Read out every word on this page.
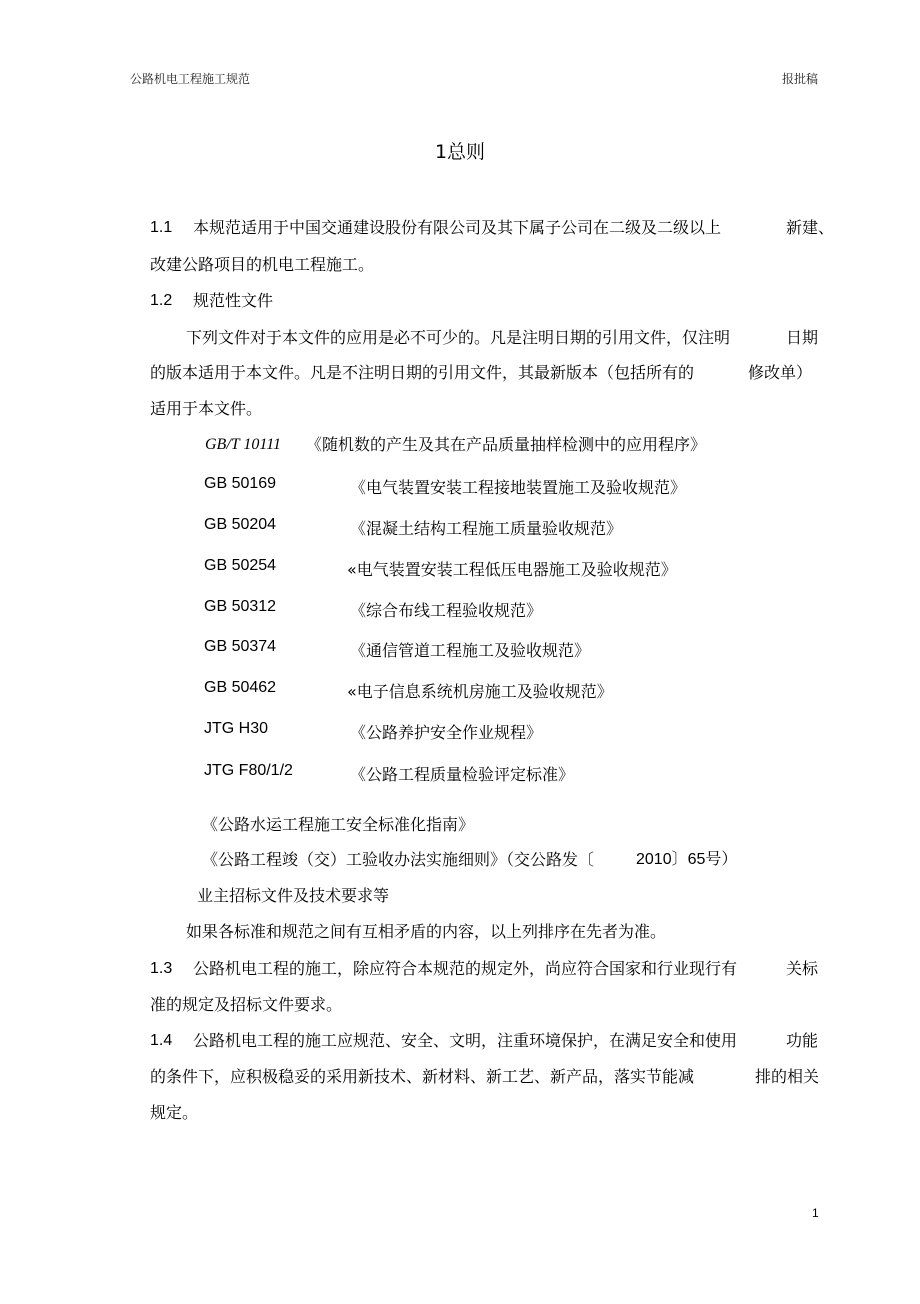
公路机电工程施工规范	报批稿
1总则
1.1 本规范适用于中国交通建设股份有限公司及其下属子公司在二级及二级以上	新建、
改建公路项目的机电工程施工。
1.2 规范性文件
下列文件对于本文件的应用是必不可少的。凡是注明日期的引用文件，仅注明	日期
的版本适用于本文件。凡是不注明日期的引用文件，其最新版本（包括所有的	修改单）
适用于本文件。
GB/T 10111 《随机数的产生及其在产品质量抽样检测中的应用程序》
GB 50169	《电气装置安装工程接地装置施工及验收规范》
GB 50204	《混凝土结构工程施工质量验收规范》
GB 50254	«电气装置安装工程低压电器施工及验收规范》
GB 50312	《综合布线工程验收规范》
GB 50374	《通信管道工程施工及验收规范》
GB 50462	«电子信息系统机房施工及验收规范》
JTG H30	《公路养护安全作业规程》
JTG F80/1/2	《公路工程质量检验评定标准》
《公路水运工程施工安全标准化指南》
《公路工程竣（交）工验收办法实施细则》（交公路发〔	2010〕65号）
业主招标文件及技术要求等
如果各标准和规范之间有互相矛盾的内容，以上列排序在先者为准。
1.3 公路机电工程的施工，除应符合本规范的规定外，尚应符合国家和行业现行有	关标
准的规定及招标文件要求。
1.4 公路机电工程的施工应规范、安全、文明，注重环境保护，在满足安全和使用	功能
的条件下，应积极稳妥的采用新技术、新材料、新工艺、新产品，落实节能减	排的相关
规定。
1
